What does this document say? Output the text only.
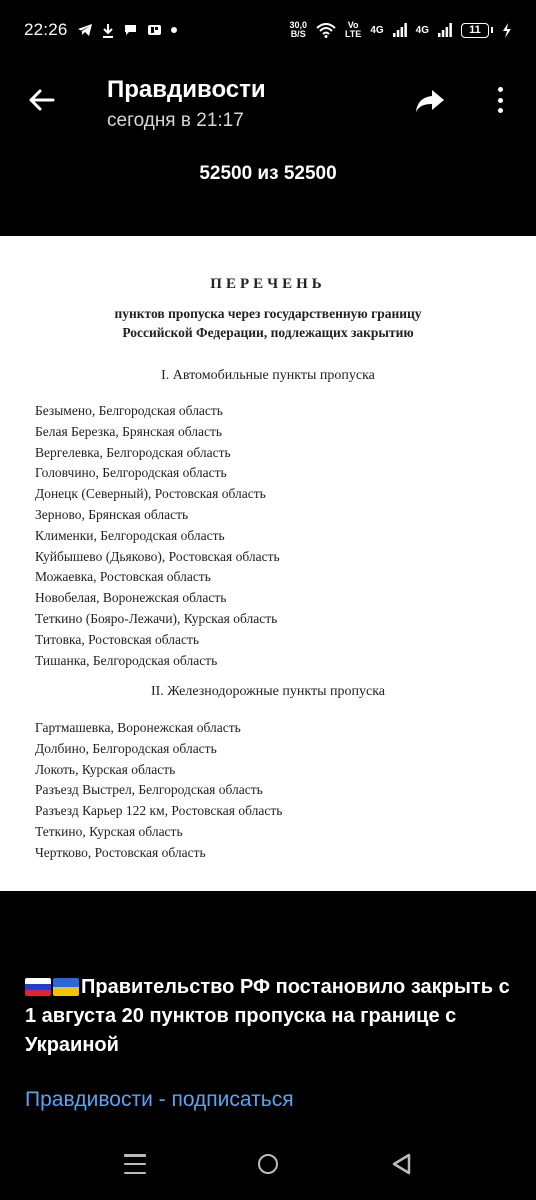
22:26	30,0
B/S
Vo
LTE 4G	4G	11
Правдивости
сегодня в 21:17
52500 из 52500
ПЕРЕЧЕНЬ
пунктов пропуска через государственную границу
Российской Федерации, подлежащих закрытию
I. Автомобильные пункты пропуска
Безымено, Белгородская область
Белая Березка, Брянская область
Вергелевка, Белгородская область
Головчино, Белгородская область
Донецк (Северный), Ростовская область
Зерново, Брянская область
Клименки, Белгородская область
Куйбышево (Дьяково), Ростовская область
Можаевка, Ростовская область
Новобелая, Воронежская область
Теткино (Бояро-Лежачи), Курская область
Титовка, Ростовская область
Тишанка, Белгородская область
II. Железнодорожные пункты пропуска
Гартмашевка, Воронежская область
Долбино, Белгородская область
Локоть, Курская область
Разъезд Выстрел, Белгородская область
Разъезд Карьер 122 км, Ростовская область
Теткино, Курская область
Чертково, Ростовская область
Правительство РФ постановило закрыть с 1 августа 20 пунктов пропуска на границе с Украиной
Правдивости - подписаться
